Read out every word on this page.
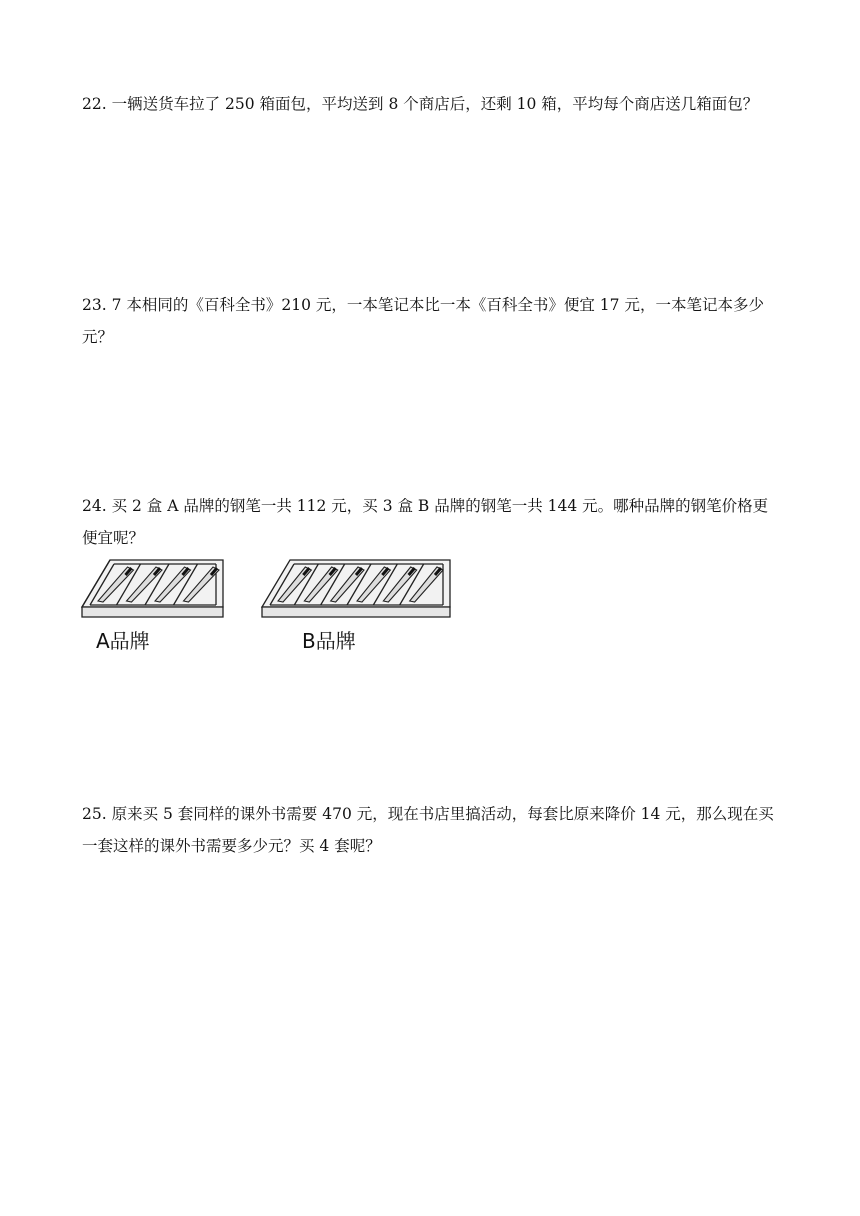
22. 一辆送货车拉了 250 箱面包，平均送到 8 个商店后，还剩 10 箱，平均每个商店送几箱面包？
23. 7 本相同的《百科全书》210 元，一本笔记本比一本《百科全书》便宜 17 元，一本笔记本多少元？
24. 买 2 盒 A 品牌的钢笔一共 112 元，买 3 盒 B 品牌的钢笔一共 144 元。哪种品牌的钢笔价格更便宜呢？
A品牌	B品牌
25. 原来买 5 套同样的课外书需要 470 元，现在书店里搞活动，每套比原来降价 14 元，那么现在买一套这样的课外书需要多少元？买 4 套呢？
